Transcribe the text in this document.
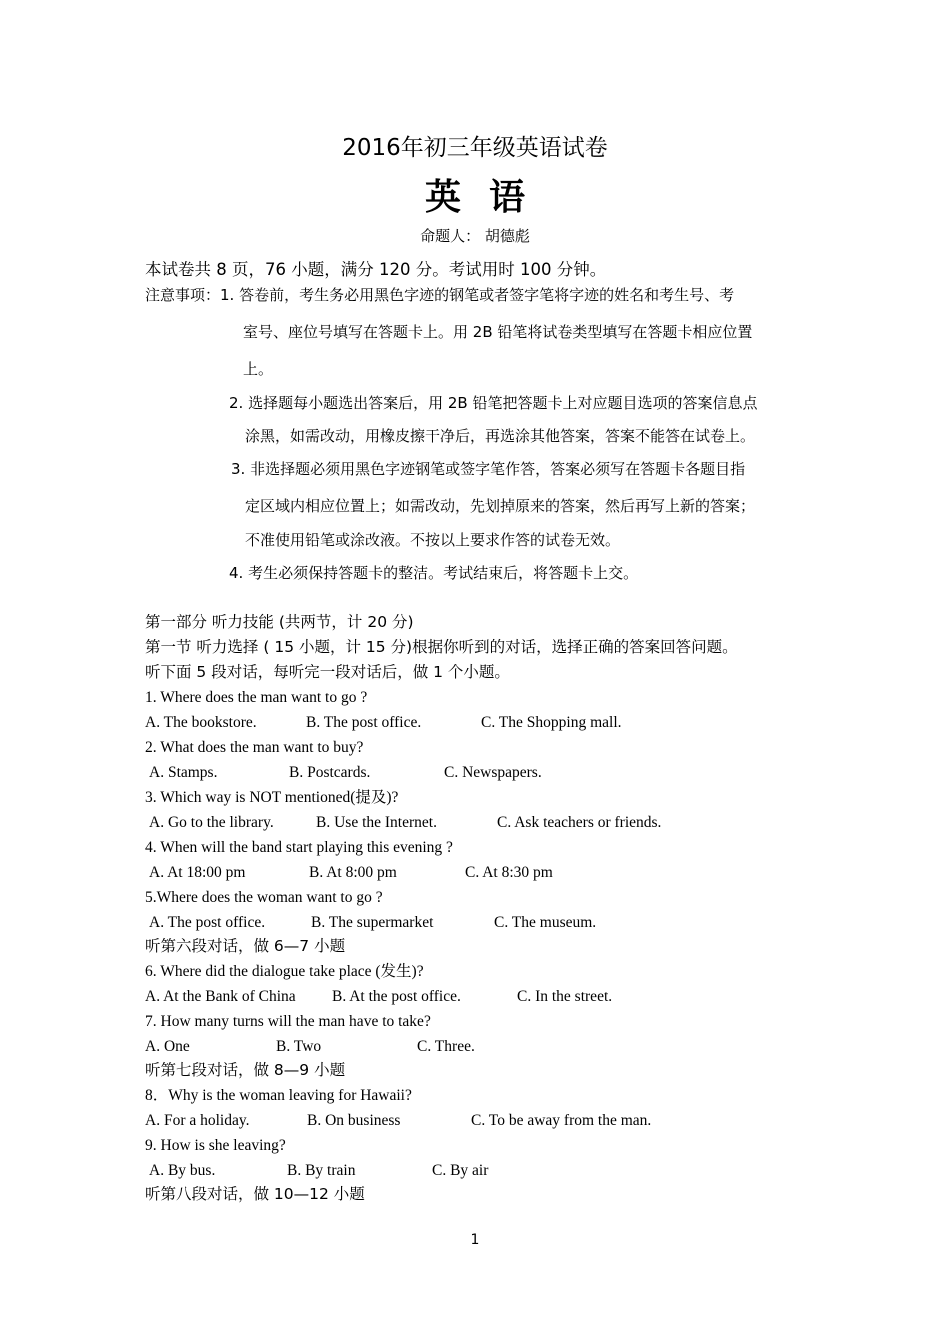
2016年初三年级英语试卷
英语
命题人： 胡德彪
本试卷共 8 页，76 小题，满分 120 分。考试用时 100 分钟。
注意事项：1. 答卷前，考生务必用黑色字迹的钢笔或者签字笔将字迹的姓名和考生号、考
室号、座位号填写在答题卡上。用 2B 铅笔将试卷类型填写在答题卡相应位置
上。
2. 选择题每小题选出答案后，用 2B 铅笔把答题卡上对应题目选项的答案信息点
涂黑，如需改动，用橡皮擦干净后，再选涂其他答案，答案不能答在试卷上。
3. 非选择题必须用黑色字迹钢笔或签字笔作答，答案必须写在答题卡各题目指
定区域内相应位置上；如需改动，先划掉原来的答案，然后再写上新的答案；
不准使用铅笔或涂改液。不按以上要求作答的试卷无效。
4. 考生必须保持答题卡的整洁。考试结束后，将答题卡上交。
第一部分 听力技能 (共两节，计 20 分)
第一节 听力选择 ( 15 小题，计 15 分)根据你听到的对话，选择正确的答案回答问题。
听下面 5 段对话，每听完一段对话后，做 1 个小题。
1. Where does the man want to go ?
A. The bookstore.	B. The post office.	C. The Shopping mall.
2. What does the man want to buy?
A. Stamps.	B. Postcards.	C. Newspapers.
3. Which way is NOT mentioned(提及)?
A. Go to the library.	B. Use the Internet.	C. Ask teachers or friends.
4. When will the band start playing this evening ?
A. At 18:00 pm	B. At 8:00 pm	C. At 8:30 pm
5.Where does the woman want to go ?
A. The post office.	B. The supermarket	C. The museum.
听第六段对话，做 6—7 小题
6. Where did the dialogue take place (发生)?
A. At the Bank of China B. At the post office.	C. In the street.
7. How many turns will the man have to take?
A. One	B. Two	C. Three.
听第七段对话，做 8—9 小题
8．Why is the woman leaving for Hawaii?
A. For a holiday.	B. On business	C. To be away from the man.
9. How is she leaving?
A. By bus.	B. By train	C. By air
听第八段对话，做 10—12 小题
1
